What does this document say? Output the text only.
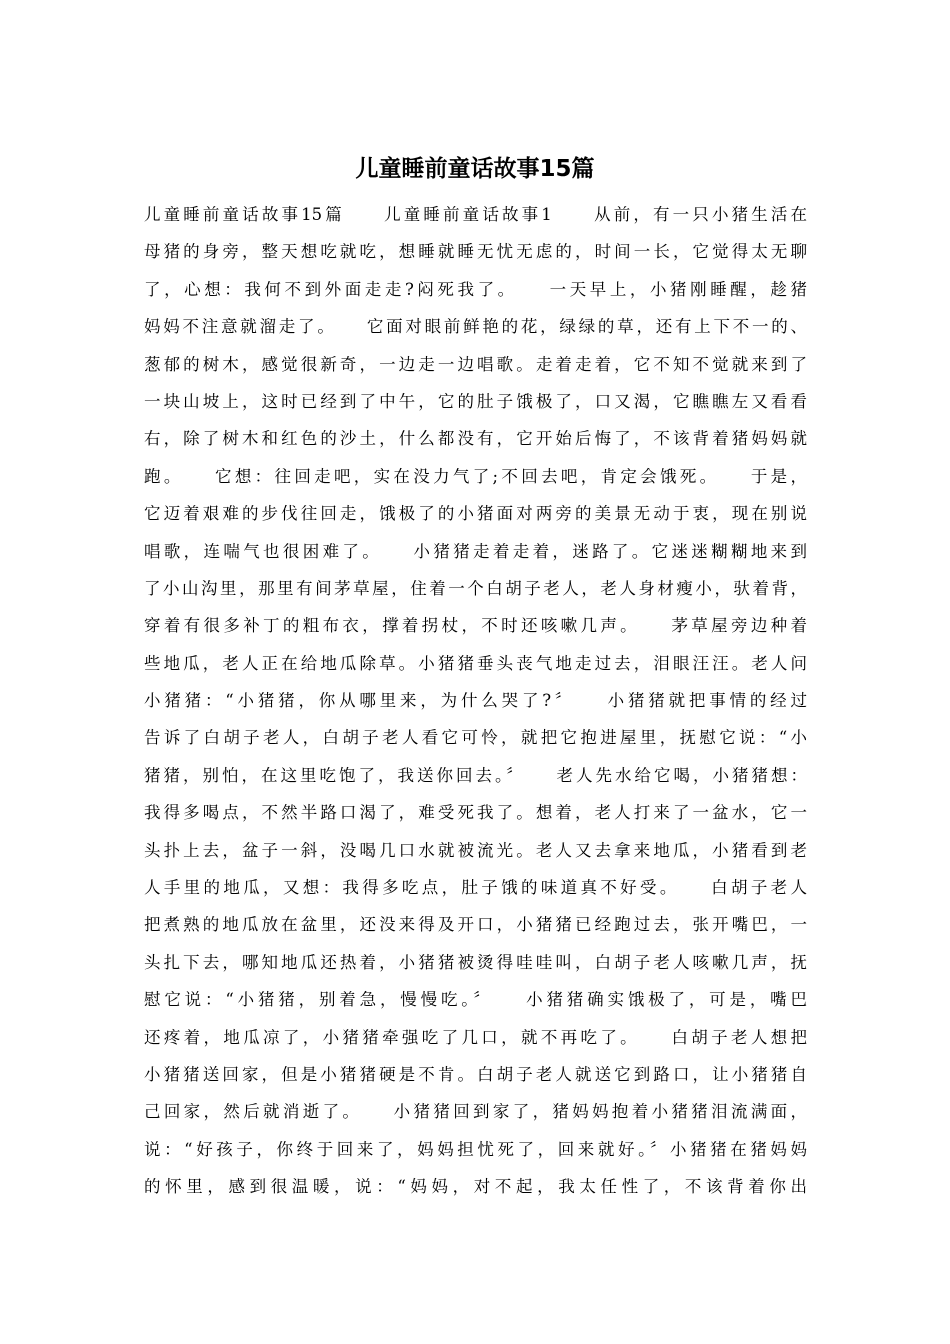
儿童睡前童话故事15篇
儿童睡前童话故事15篇　　儿童睡前童话故事1　　从前，有一只小猪生活在
母猪的身旁，整天想吃就吃，想睡就睡无忧无虑的，时间一长，它觉得太无聊
了，心想：我何不到外面走走?闷死我了。　　一天早上，小猪刚睡醒，趁猪
妈妈不注意就溜走了。　　它面对眼前鲜艳的花，绿绿的草，还有上下不一的、
葱郁的树木，感觉很新奇，一边走一边唱歌。走着走着，它不知不觉就来到了
一块山坡上，这时已经到了中午，它的肚子饿极了，口又渴，它瞧瞧左又看看
右，除了树木和红色的沙土，什么都没有，它开始后悔了，不该背着猪妈妈就
跑。　　它想：往回走吧，实在没力气了;不回去吧，肯定会饿死。　　于是，
它迈着艰难的步伐往回走，饿极了的小猪面对两旁的美景无动于衷，现在别说
唱歌，连喘气也很困难了。　　小猪猪走着走着，迷路了。它迷迷糊糊地来到
了小山沟里，那里有间茅草屋，住着一个白胡子老人，老人身材瘦小，驮着背，
穿着有很多补丁的粗布衣，撑着拐杖，不时还咳嗽几声。　　茅草屋旁边种着
些地瓜，老人正在给地瓜除草。小猪猪垂头丧气地走过去，泪眼汪汪。老人问
小猪猪：“小猪猪，你从哪里来，为什么哭了?〞　　小猪猪就把事情的经过
告诉了白胡子老人，白胡子老人看它可怜，就把它抱进屋里，抚慰它说：“小
猪猪，别怕，在这里吃饱了，我送你回去。〞　　老人先水给它喝，小猪猪想：
我得多喝点，不然半路口渴了，难受死我了。想着，老人打来了一盆水，它一
头扑上去，盆子一斜，没喝几口水就被流光。老人又去拿来地瓜，小猪看到老
人手里的地瓜，又想：我得多吃点，肚子饿的味道真不好受。　　白胡子老人
把煮熟的地瓜放在盆里，还没来得及开口，小猪猪已经跑过去，张开嘴巴，一
头扎下去，哪知地瓜还热着，小猪猪被烫得哇哇叫，白胡子老人咳嗽几声，抚
慰它说：“小猪猪，别着急，慢慢吃。〞　　小猪猪确实饿极了，可是，嘴巴
还疼着，地瓜凉了，小猪猪牵强吃了几口，就不再吃了。　　白胡子老人想把
小猪猪送回家，但是小猪猪硬是不肯。白胡子老人就送它到路口，让小猪猪自
己回家，然后就消逝了。　　小猪猪回到家了，猪妈妈抱着小猪猪泪流满面，
说：“好孩子，你终于回来了，妈妈担忧死了，回来就好。〞小猪猪在猪妈妈
的怀里，感到很温暖，说：“妈妈，对不起，我太任性了，不该背着你出
